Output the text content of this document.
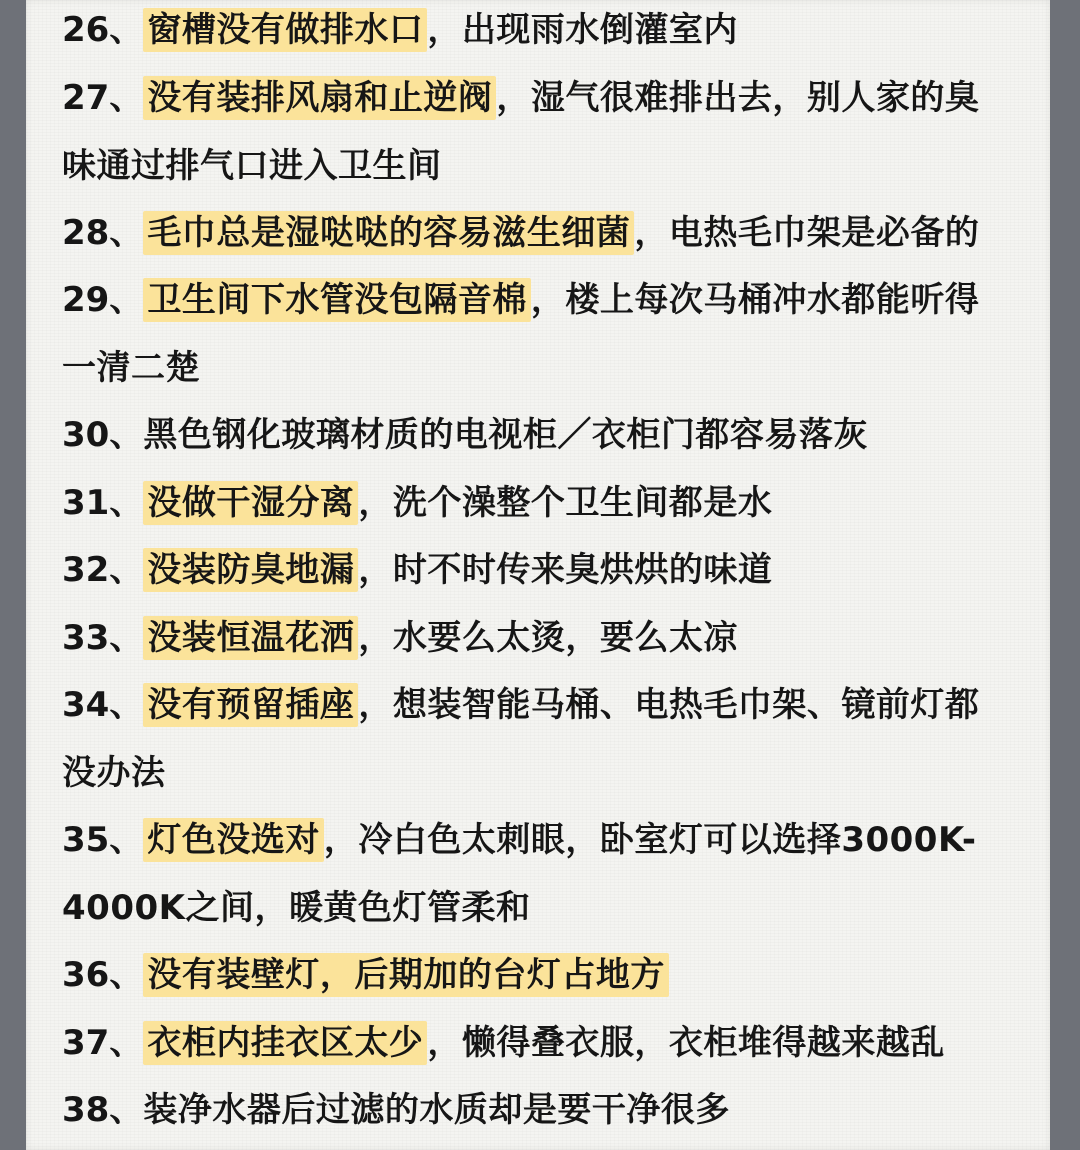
26、 窗槽没有做排水口 ，出现雨水倒灌室内
27、 没有装排风扇和止逆阀 ，湿气很难排出去，别人家的臭
味通过排气口进入卫生间
28、 毛巾总是湿哒哒的容易滋生细菌 ，电热毛巾架是必备的
29、 卫生间下水管没包隔音棉 ，楼上每次马桶冲水都能听得
一清二楚
30、黑色钢化玻璃材质的电视柜／衣柜门都容易落灰
31、 没做干湿分离 ，洗个澡整个卫生间都是水
32、 没装防臭地漏 ，时不时传来臭烘烘的味道
33、 没装恒温花洒 ，水要么太烫，要么太凉
34、 没有预留插座 ，想装智能马桶、电热毛巾架、镜前灯都
没办法
35、 灯色没选对 ，冷白色太刺眼，卧室灯可以选择3000K-
4000K之间，暖黄色灯管柔和
36、 没有装壁灯，后期加的台灯占地方
37、 衣柜内挂衣区太少 ，懒得叠衣服，衣柜堆得越来越乱
38、装净水器后过滤的水质却是要干净很多
